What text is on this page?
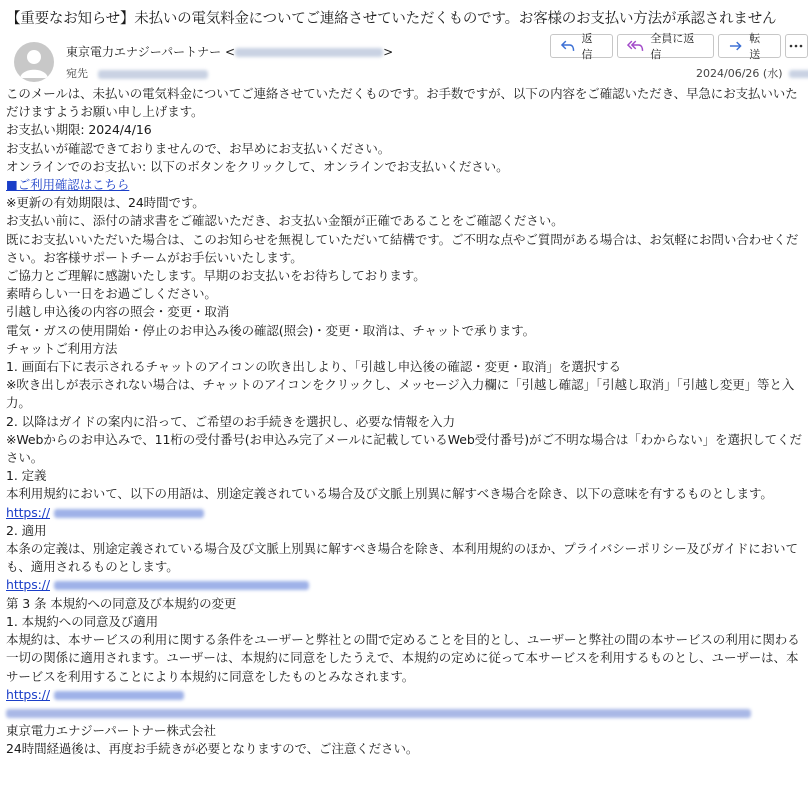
【重要なお知らせ】未払いの電気料金についてご連絡させていただくものです。お客様のお支払い方法が承認されません
東京電力エナジーパートナー <	>
宛先
返信
全員に返信
転送
2024/06/26 (水)

このメールは、未払いの電気料金についてご連絡させていただくものです。お手数ですが、以下の内容をご確認いただき、早急にお支払いいただけますようお願い申し上げます。

お支払い期限: 2024/4/16

お支払いが確認できておりませんので、お早めにお支払いください。

オンラインでのお支払い: 以下のボタンをクリックして、オンラインでお支払いください。

■ご利用確認はこちら

※更新の有効期限は、24時間です。

お支払い前に、添付の請求書をご確認いただき、お支払い金額が正確であることをご確認ください。

既にお支払いいただいた場合は、このお知らせを無視していただいて結構です。ご不明な点やご質問がある場合は、お気軽にお問い合わせください。お客様サポートチームがお手伝いいたします。

ご協力とご理解に感謝いたします。早期のお支払いをお待ちしております。

素晴らしい一日をお過ごしください。

引越し申込後の内容の照会・変更・取消

電気・ガスの使用開始・停止のお申込み後の確認(照会)・変更・取消は、チャットで承ります。

チャットご利用方法

1. 画面右下に表示されるチャットのアイコンの吹き出しより、「引越し申込後の確認・変更・取消」を選択する

※吹き出しが表示されない場合は、チャットのアイコンをクリックし、メッセージ入力欄に「引越し確認」「引越し取消」「引越し変更」等と入力。

2. 以降はガイドの案内に沿って、ご希望のお手続きを選択し、必要な情報を入力

※Webからのお申込みで、11桁の受付番号(お申込み完了メールに記載しているWeb受付番号)がご不明な場合は「わからない」を選択してください。

1. 定義

本利用規約において、以下の用語は、別途定義されている場合及び文脈上別異に解すべき場合を除き、以下の意味を有するものとします。

https://

2. 適用

本条の定義は、別途定義されている場合及び文脈上別異に解すべき場合を除き、本利用規約のほか、プライバシーポリシー及びガイドにおいても、適用されるものとします。

https://

第 3 条 本規約への同意及び本規約の変更

1. 本規約への同意及び適用

本規約は、本サービスの利用に関する条件をユーザーと弊社との間で定めることを目的とし、ユーザーと弊社の間の本サービスの利用に関わる一切の関係に適用されます。ユーザーは、本規約に同意をしたうえで、本規約の定めに従って本サービスを利用するものとし、ユーザーは、本サービスを利用することにより本規約に同意をしたものとみなされます。

https://

東京電力エナジーパートナー株式会社

24時間経過後は、再度お手続きが必要となりますので、ご注意ください。
